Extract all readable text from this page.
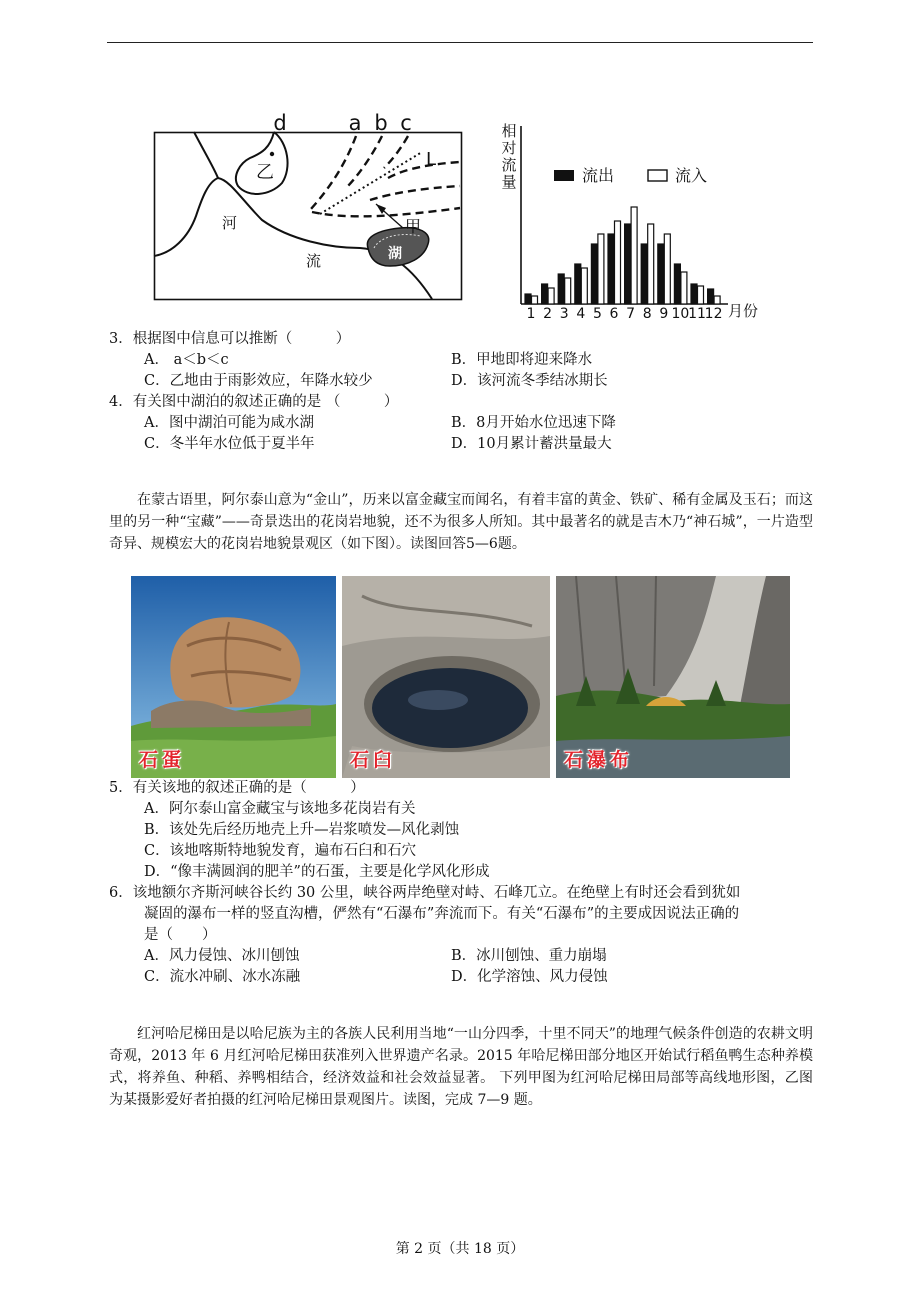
d	a b c
L
乙
甲
湖
河
流
相
对
流
量	流出	流入
1 2 3 4 5 6 7 8 9 10
11
12 月份
3．根据图中信息可以推断（　　　）
A． a＜b＜c	B．甲地即将迎来降水
C．乙地由于雨影效应，年降水较少	D．该河流冬季结冰期长
4．有关图中湖泊的叙述正确的是 （　　　）
A．图中湖泊可能为咸水湖	B．8月开始水位迅速下降
C．冬半年水位低于夏半年	D．10月累计蓄洪量最大
在蒙古语里，阿尔泰山意为“金山”，历来以富金藏宝而闻名，有着丰富的黄金、铁矿、稀有金属及玉石；而这里的另一种“宝藏”——奇景迭出的花岗岩地貌，还不为很多人所知。其中最著名的就是吉木乃“神石城”，一片造型奇异、规模宏大的花岗岩地貌景观区（如下图）。读图回答5—6题。
石蛋	石臼	石瀑布
5．有关该地的叙述正确的是（　　　）
A．阿尔泰山富金藏宝与该地多花岗岩有关
B．该处先后经历地壳上升—岩浆喷发—风化剥蚀
C．该地喀斯特地貌发育，遍布石臼和石穴
D．“像丰满圆润的肥羊”的石蛋，主要是化学风化形成
6．该地额尔齐斯河峡谷长约 30 公里，峡谷两岸绝壁对峙、石峰兀立。在绝壁上有时还会看到犹如
凝固的瀑布一样的竖直沟槽，俨然有“石瀑布”奔流而下。有关“石瀑布”的主要成因说法正确的
是（　　）
A．风力侵蚀、冰川刨蚀	B．冰川刨蚀、重力崩塌
C．流水冲刷、冰水冻融	D．化学溶蚀、风力侵蚀
红河哈尼梯田是以哈尼族为主的各族人民利用当地“一山分四季，十里不同天”的地理气候条件创造的农耕文明奇观，2013 年 6 月红河哈尼梯田获准列入世界遗产名录。2015 年哈尼梯田部分地区开始试行稻鱼鸭生态种养模式，将养鱼、种稻、养鸭相结合，经济效益和社会效益显著。 下列甲图为红河哈尼梯田局部等高线地形图，乙图为某摄影爱好者拍摄的红河哈尼梯田景观图片。读图，完成 7—9 题。
第 2 页（共 18 页）
